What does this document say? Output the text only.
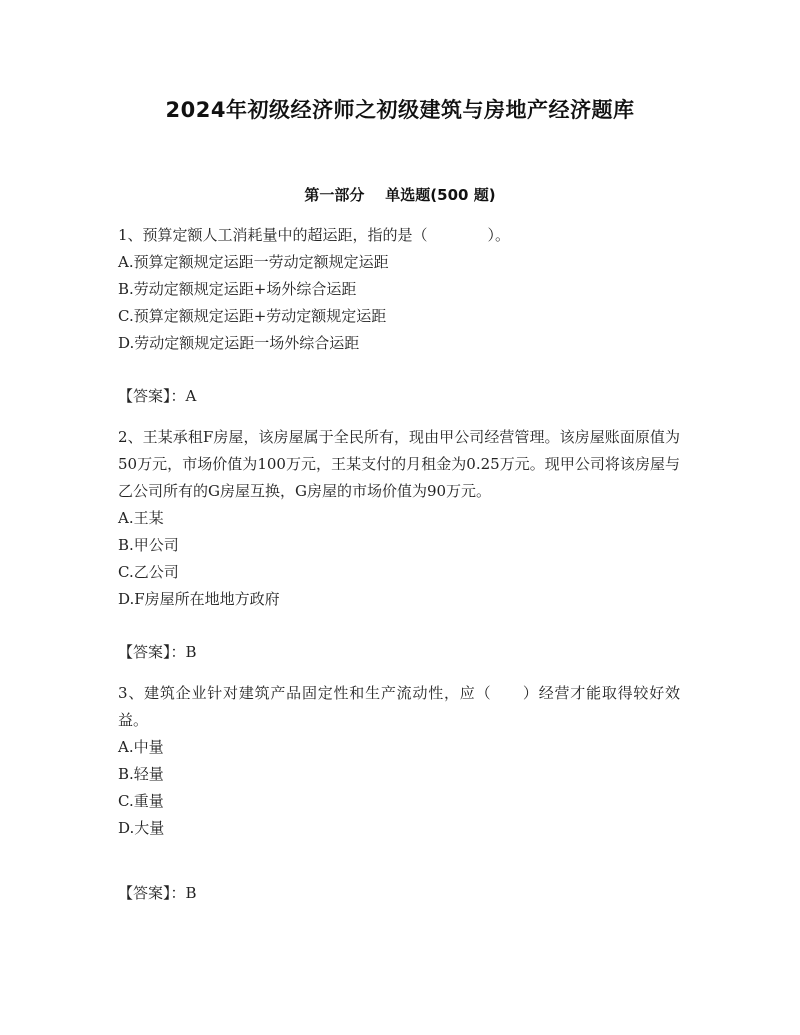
2024年初级经济师之初级建筑与房地产经济题库
第一部分    单选题(500 题)

1、预算定额人工消耗量中的超运距，指的是（　　　　）。

A.预算定额规定运距一劳动定额规定运距

B.劳动定额规定运距+场外综合运距

C.预算定额规定运距+劳动定额规定运距

D.劳动定额规定运距一场外综合运距

【答案】：A

2、王某承租F房屋，该房屋属于全民所有，现由甲公司经营管理。该房屋账面原值为50万元，市场价值为100万元，王某支付的月租金为0.25万元。现甲公司将该房屋与乙公司所有的G房屋互换，G房屋的市场价值为90万元。

A.王某

B.甲公司

C.乙公司

D.F房屋所在地地方政府

【答案】：B

3、建筑企业针对建筑产品固定性和生产流动性，应（　　）经营才能取得较好效益。

A.中量

B.轻量

C.重量

D.大量

【答案】：B
